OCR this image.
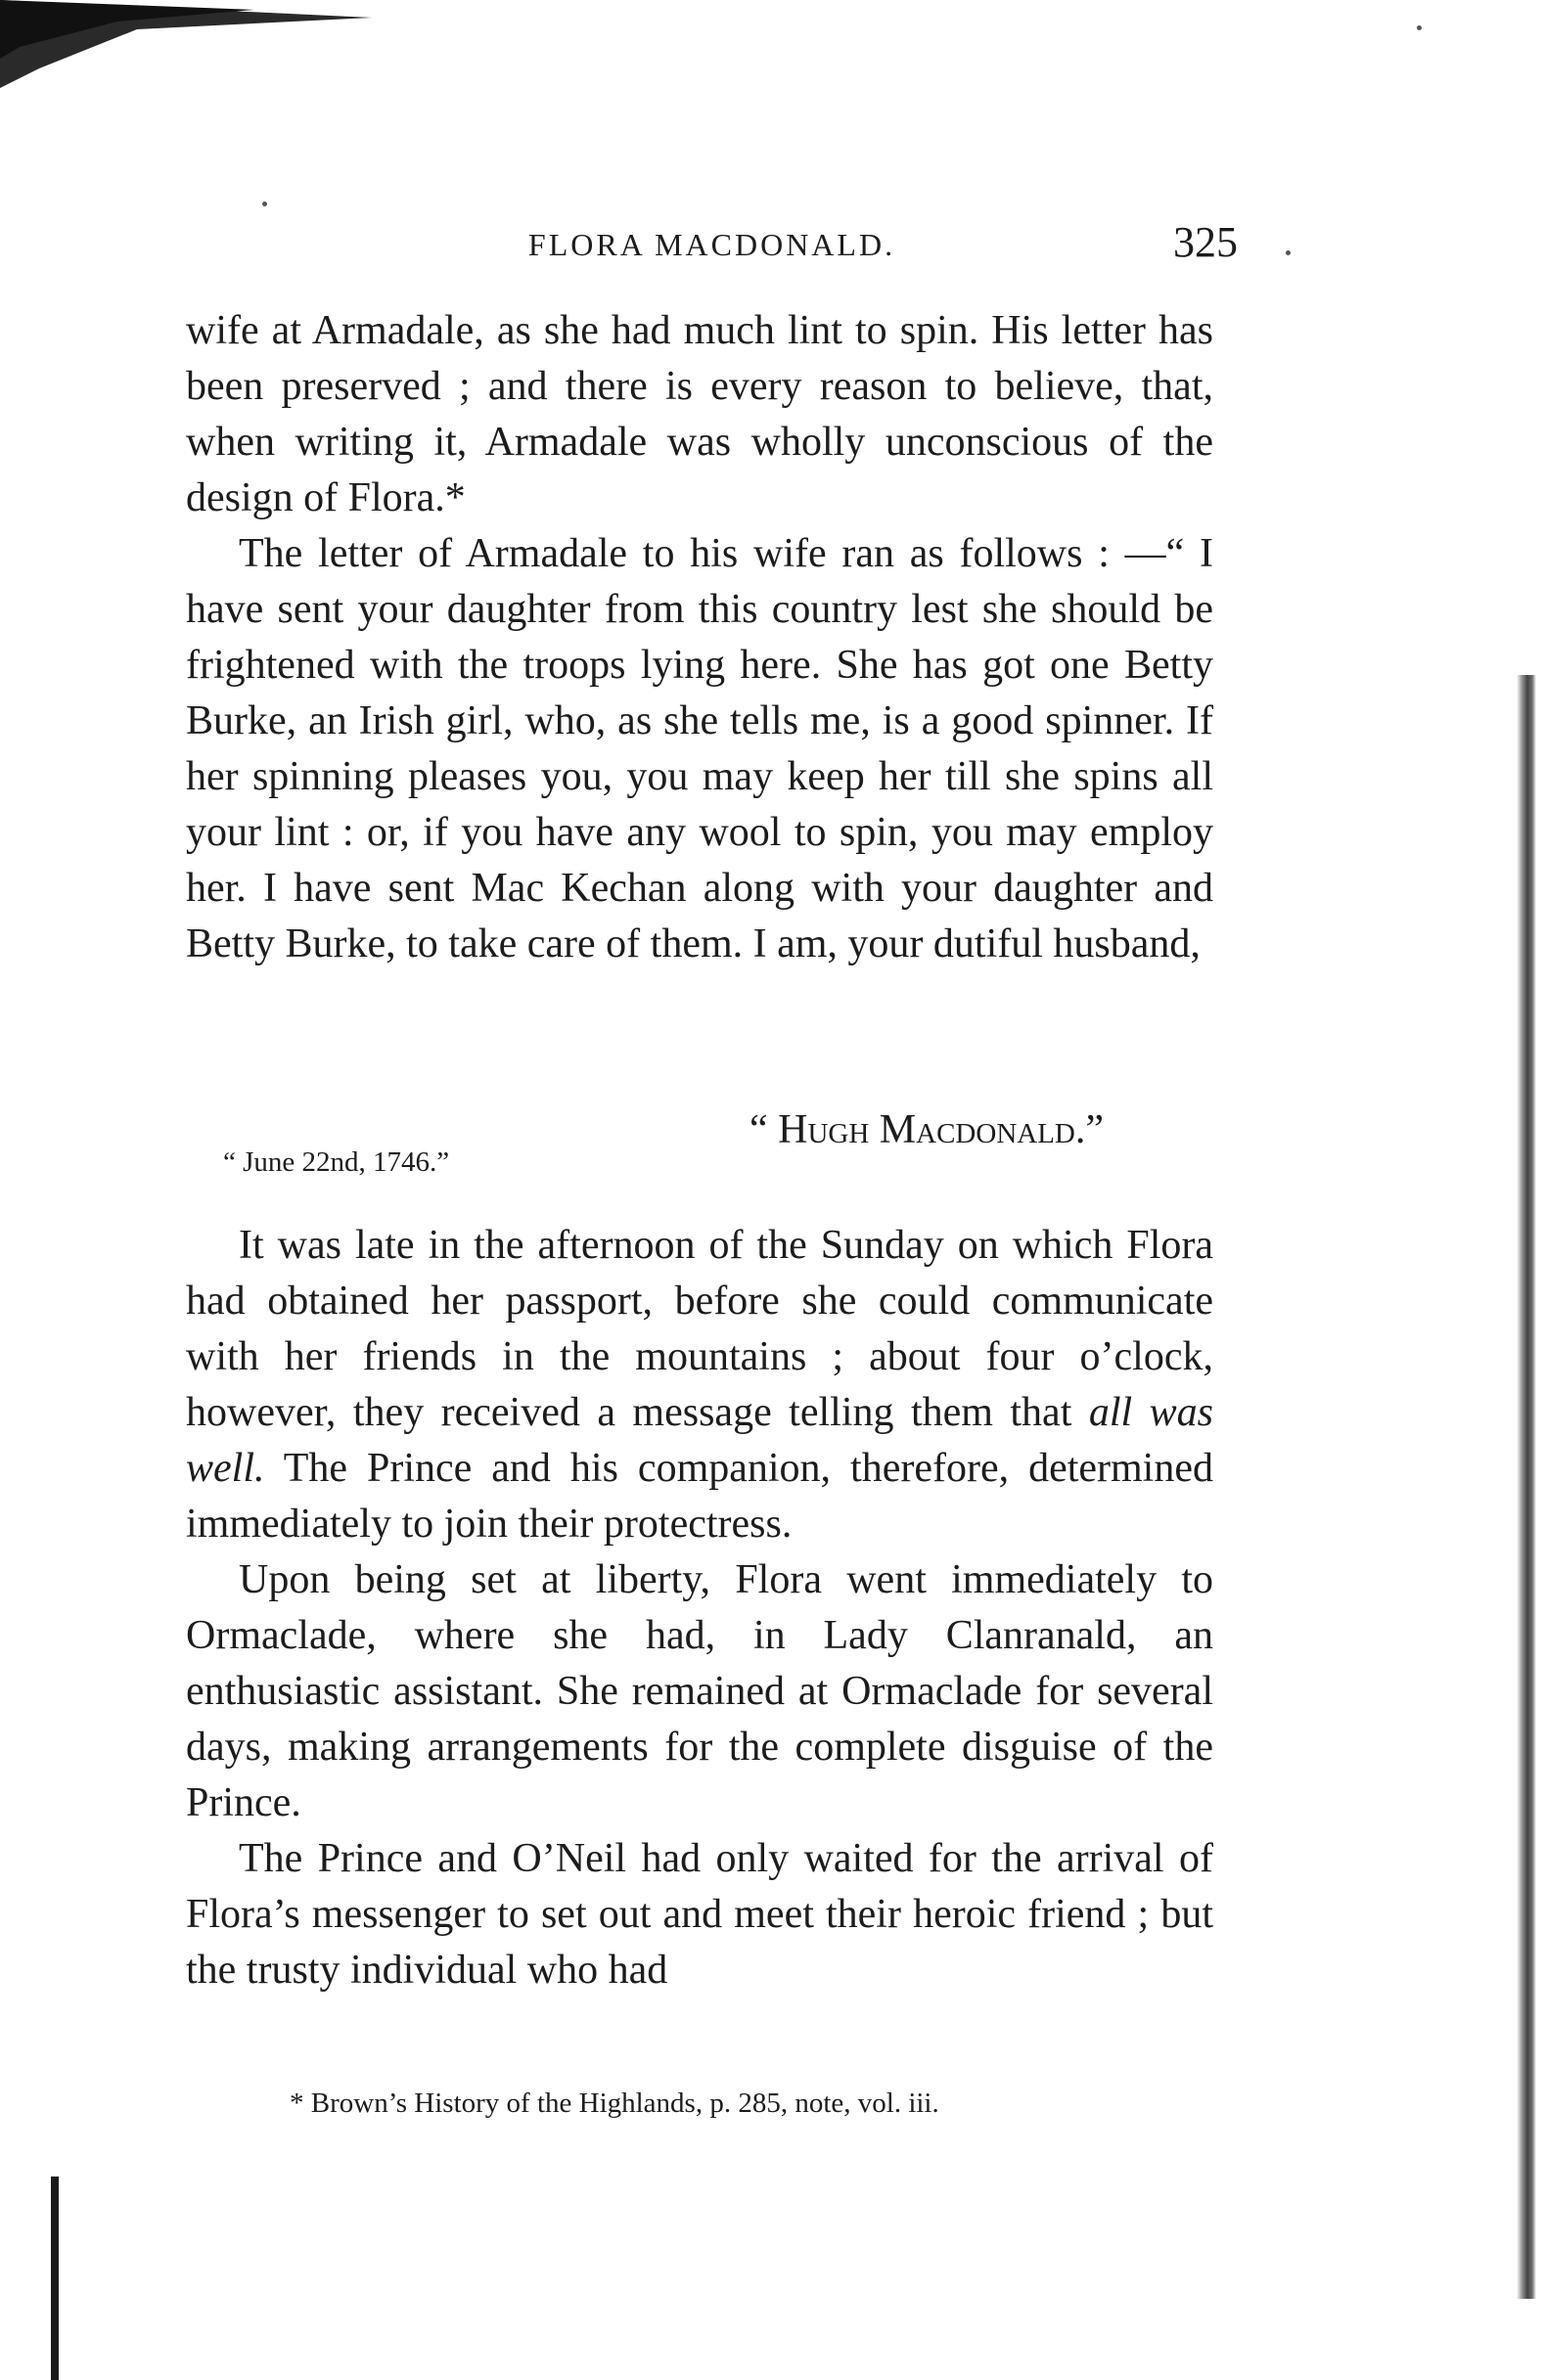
FLORA MACDONALD.	325

wife at Armadale, as she had much lint to spin. His letter has been preserved ; and there is every reason to believe, that, when writing it, Armadale was wholly unconscious of the design of Flora.*

The letter of Armadale to his wife ran as follows : —“ I have sent your daughter from this country lest she should be frightened with the troops lying here. She has got one Betty Burke, an Irish girl, who, as she tells me, is a good spinner. If her spinning pleases you, you may keep her till she spins all your lint : or, if you have any wool to spin, you may employ her. I have sent Mac Kechan along with your daughter and Betty Burke, to take care of them. I am, your dutiful husband,

“ Hugh Macdonald.”
“ June 22nd, 1746.”

It was late in the afternoon of the Sunday on which Flora had obtained her passport, before she could communicate with her friends in the mountains ; about four o’clock, however, they received a message telling them that all was well. The Prince and his companion, therefore, determined immediately to join their protectress.

Upon being set at liberty, Flora went immediately to Ormaclade, where she had, in Lady Clanranald, an enthusiastic assistant. She remained at Ormaclade for several days, making arrangements for the complete disguise of the Prince.

The Prince and O’Neil had only waited for the arrival of Flora’s messenger to set out and meet their heroic friend ; but the trusty individual who had

* Brown’s History of the Highlands, p. 285, note, vol. iii.
